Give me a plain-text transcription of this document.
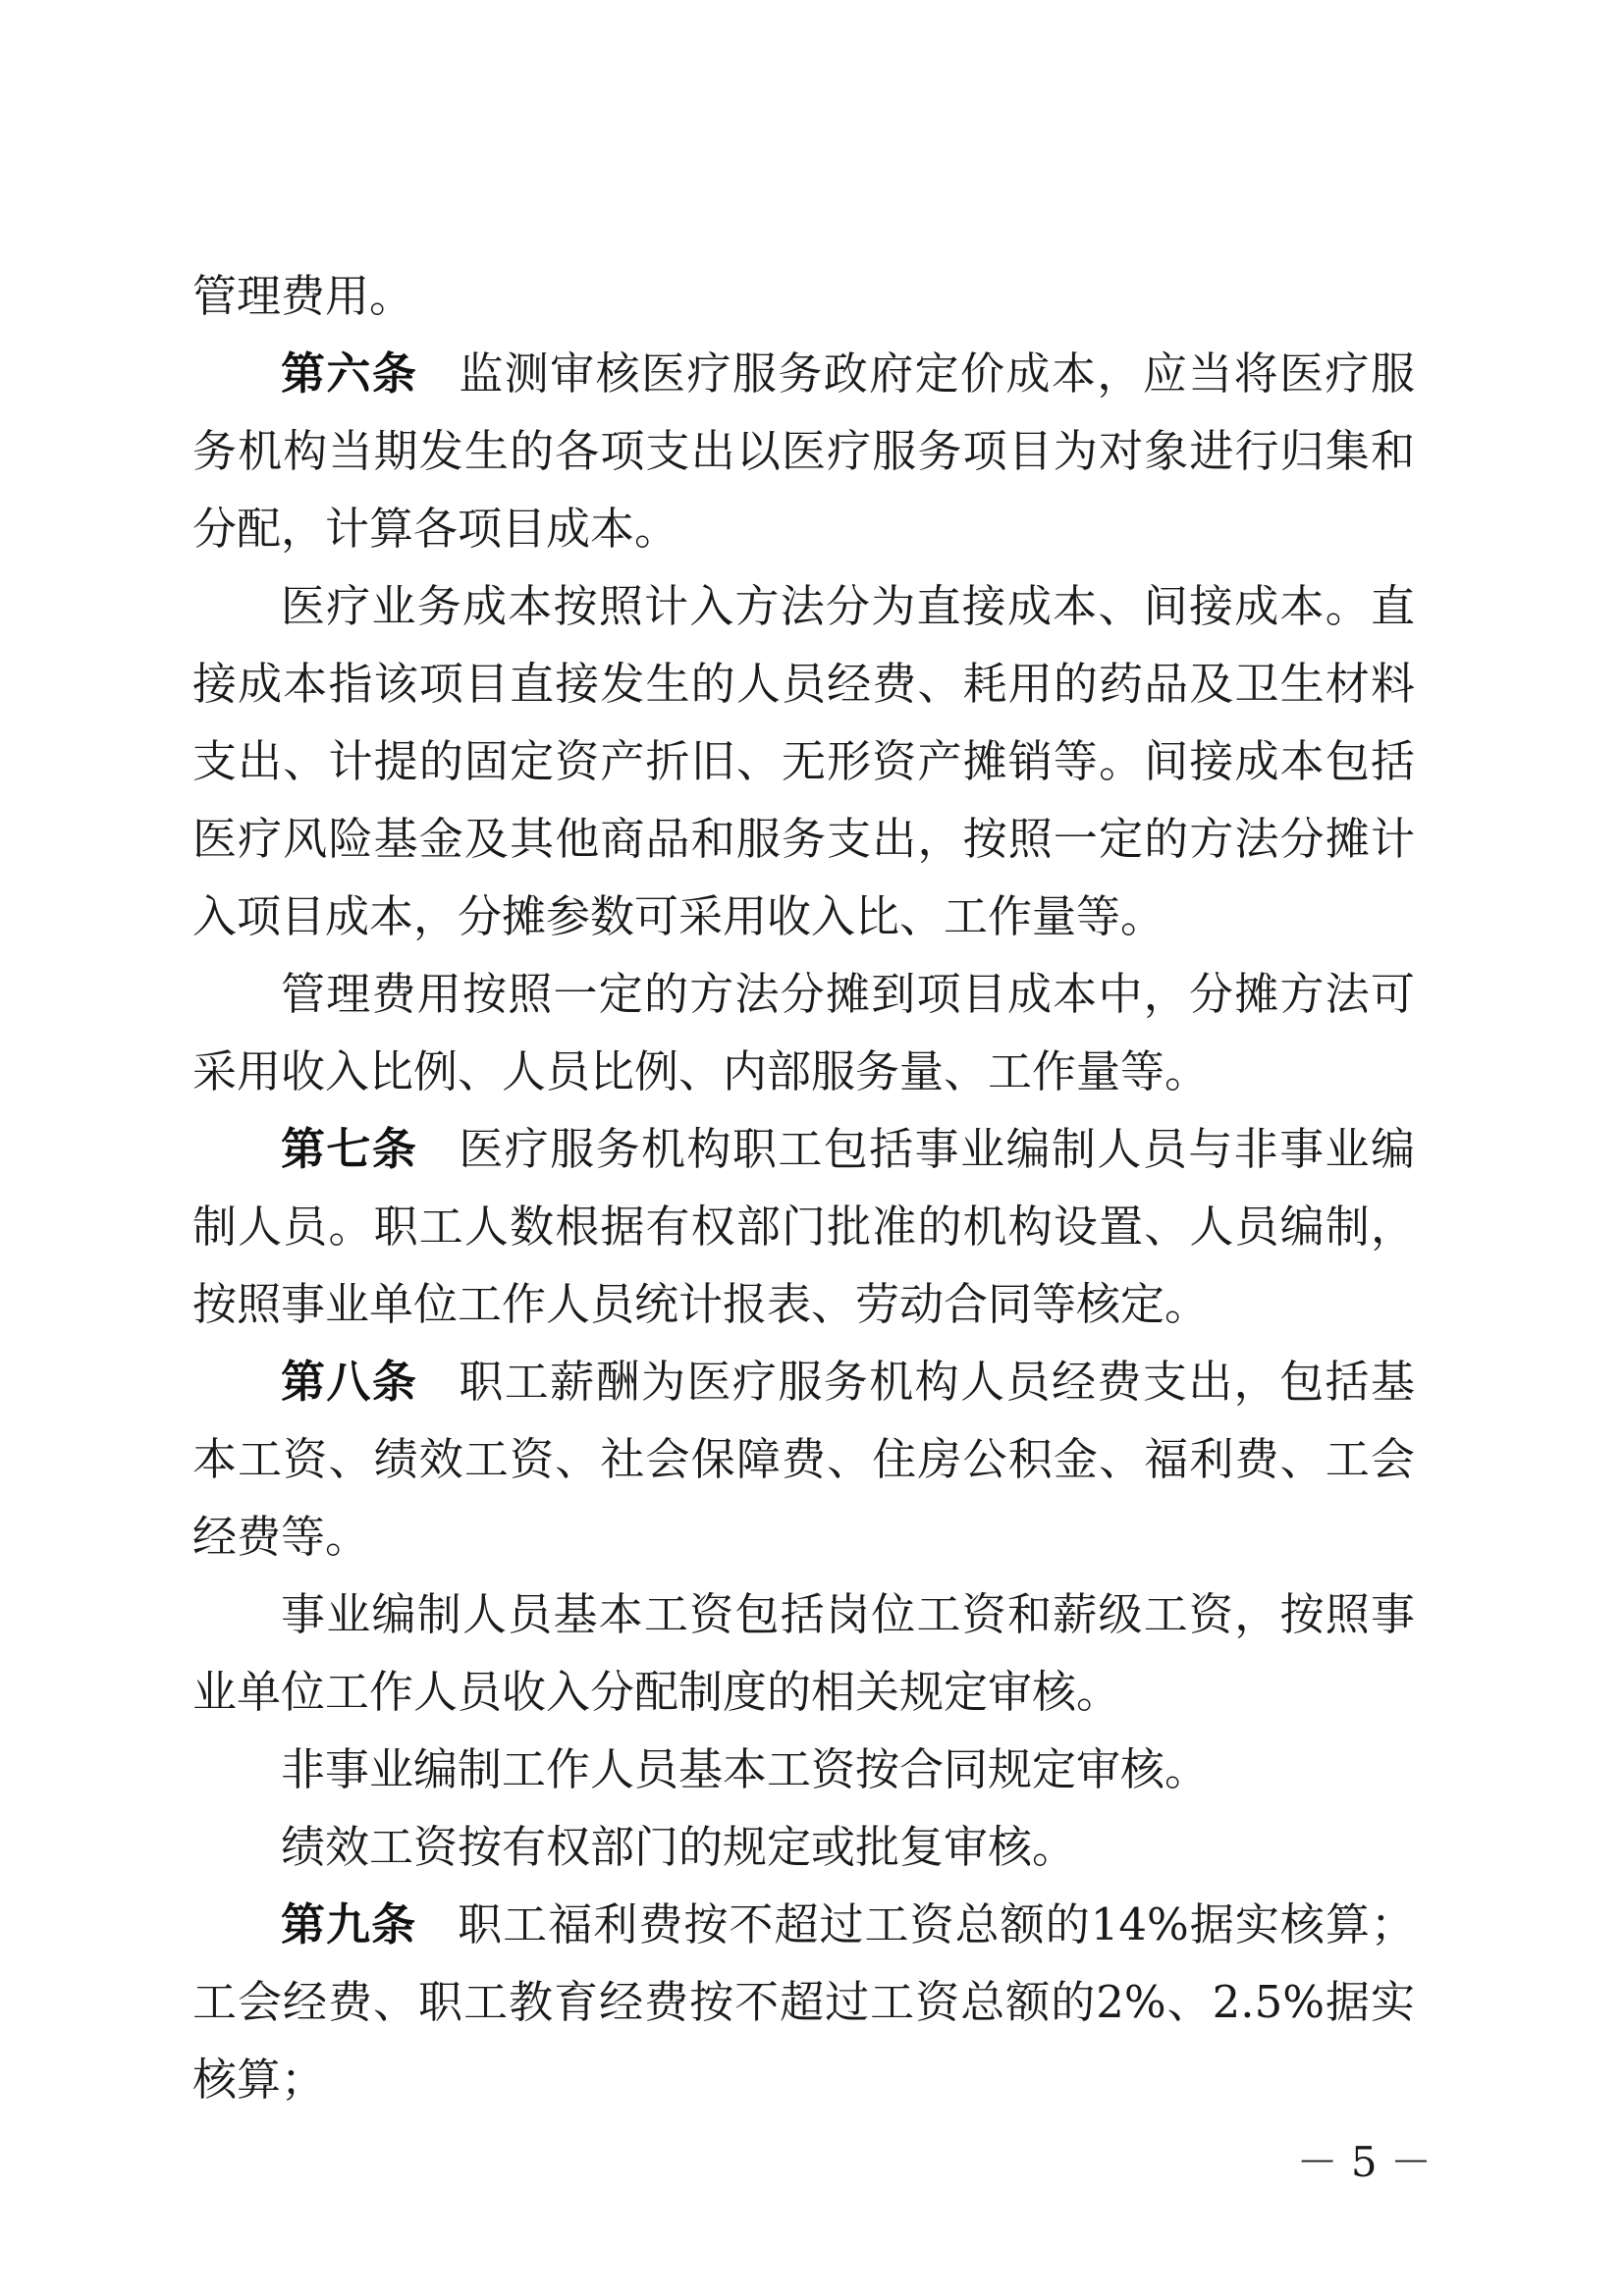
管理费用。

第六条 监测审核医疗服务政府定价成本，应当将医疗服务机构当期发生的各项支出以医疗服务项目为对象进行归集和分配，计算各项目成本。

医疗业务成本按照计入方法分为直接成本、间接成本。直接成本指该项目直接发生的人员经费、耗用的药品及卫生材料支出、计提的固定资产折旧、无形资产摊销等。间接成本包括医疗风险基金及其他商品和服务支出，按照一定的方法分摊计入项目成本，分摊参数可采用收入比、工作量等。

管理费用按照一定的方法分摊到项目成本中，分摊方法可采用收入比例、人员比例、内部服务量、工作量等。

第七条 医疗服务机构职工包括事业编制人员与非事业编制人员。职工人数根据有权部门批准的机构设置、人员编制，按照事业单位工作人员统计报表、劳动合同等核定。

第八条 职工薪酬为医疗服务机构人员经费支出，包括基本工资、绩效工资、社会保障费、住房公积金、福利费、工会经费等。

事业编制人员基本工资包括岗位工资和薪级工资，按照事业单位工作人员收入分配制度的相关规定审核。

非事业编制工作人员基本工资按合同规定审核。

绩效工资按有权部门的规定或批复审核。

第九条 职工福利费按不超过工资总额的14%据实核算；工会经费、职工教育经费按不超过工资总额的2%、2.5%据实核算；

－ 5 －
